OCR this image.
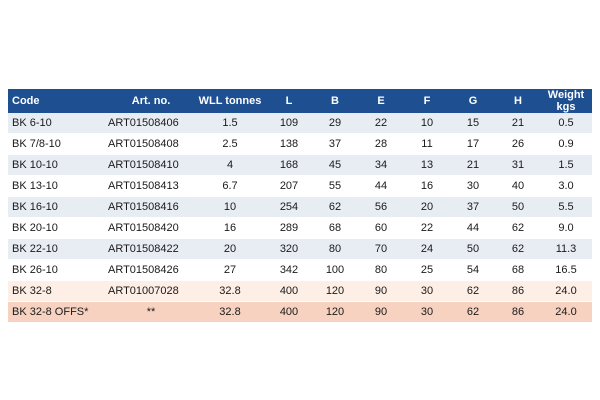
Code	Art. no.	WLL tonnes	L	B	E	F	G	H	Weight kgs
BK 6-10	ART01508406	1.5	109	29	22	10	15	21	0.5
BK 7/8-10	ART01508408	2.5	138	37	28	11	17	26	0.9
BK 10-10	ART01508410	4	168	45	34	13	21	31	1.5
BK 13-10	ART01508413	6.7	207	55	44	16	30	40	3.0
BK 16-10	ART01508416	10	254	62	56	20	37	50	5.5
BK 20-10	ART01508420	16	289	68	60	22	44	62	9.0
BK 22-10	ART01508422	20	320	80	70	24	50	62	11.3
BK 26-10	ART01508426	27	342	100	80	25	54	68	16.5
BK 32-8	ART01007028	32.8	400	120	90	30	62	86	24.0
BK 32-8 OFFS*	**	32.8	400	120	90	30	62	86	24.0
